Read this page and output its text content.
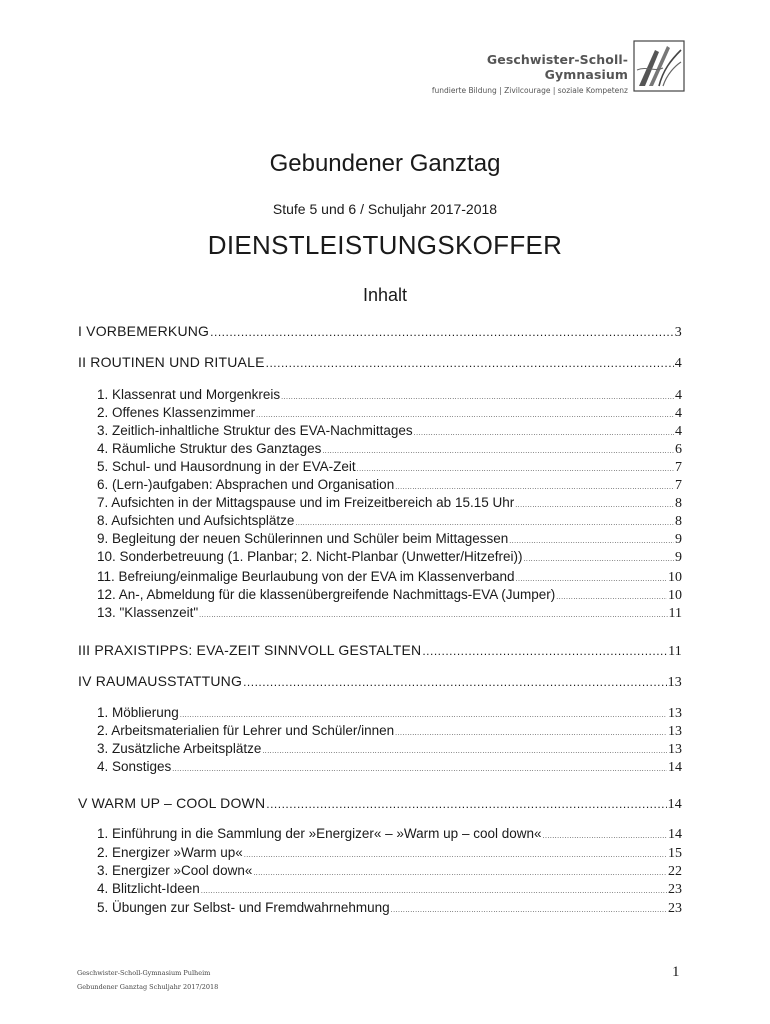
Geschwister-Scholl-Gymnasium
fundierte Bildung | Zivilcourage | soziale Kompetenz
Gebundener Ganztag
Stufe 5 und 6 / Schuljahr 2017-2018
DIENSTLEISTUNGSKOFFER
Inhalt
I VORBEMERKUNG .....	3
II ROUTINEN UND RITUALE .....	4
1. Klassenrat und Morgenkreis .....	4
2. Offenes Klassenzimmer .....	4
3. Zeitlich-inhaltliche Struktur des EVA-Nachmittages .....	4
4. Räumliche Struktur des Ganztages .....	6
5. Schul- und Hausordnung in der EVA-Zeit .....	7
6. (Lern-)aufgaben: Absprachen und Organisation .....	7
7. Aufsichten in der Mittagspause und im Freizeitbereich ab 15.15 Uhr .....	8
8. Aufsichten und Aufsichtsplätze .....	8
9. Begleitung der neuen Schülerinnen und Schüler beim Mittagessen .....	9
10. Sonderbetreuung (1. Planbar; 2. Nicht-Planbar (Unwetter/Hitzefrei)) .....	9
11. Befreiung/einmalige Beurlaubung von der EVA im Klassenverband .....	10
12. An-, Abmeldung für die klassenübergreifende Nachmittags-EVA (Jumper) .....	10
13. "Klassenzeit" .....	11
III PRAXISTIPPS: EVA-ZEIT SINNVOLL GESTALTEN .....	11
IV RAUMAUSSTATTUNG .....	13
1. Möblierung .....	13
2. Arbeitsmaterialien für Lehrer und Schüler/innen .....	13
3. Zusätzliche Arbeitsplätze .....	13
4. Sonstiges .....	14
V WARM UP – COOL DOWN .....	14
1. Einführung in die Sammlung der »Energizer« – »Warm up – cool down« .....	14
2. Energizer »Warm up« .....	15
3. Energizer »Cool down« .....	22
4. Blitzlicht-Ideen .....	23
5. Übungen zur Selbst- und Fremdwahrnehmung .....	23
Geschwister-Scholl-Gymnasium Pulheim
Gebundener Ganztag Schuljahr 2017/2018
1
